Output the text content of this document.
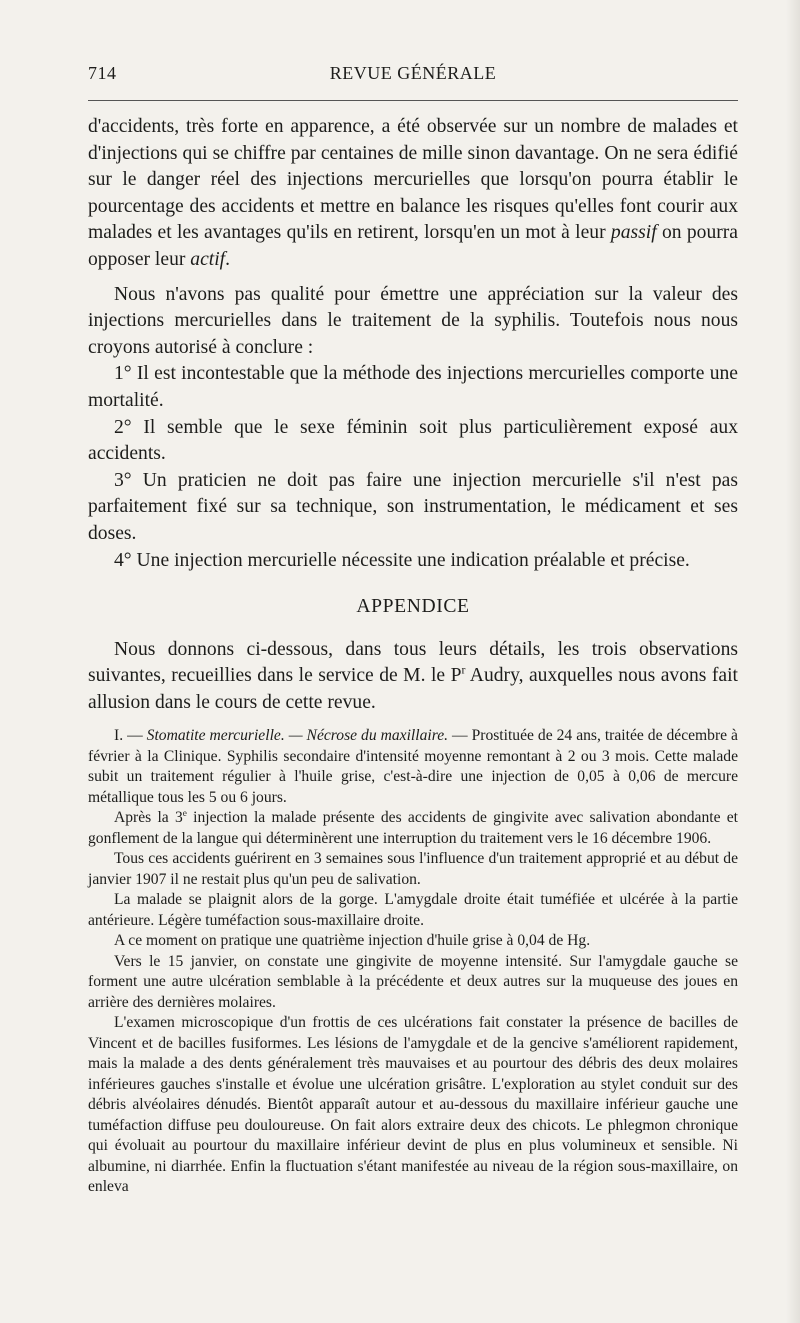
714	REVUE GÉNÉRALE

d'accidents, très forte en apparence, a été observée sur un nombre de malades et d'injections qui se chiffre par centaines de mille sinon davantage. On ne sera édifié sur le danger réel des injections mercurielles que lorsqu'on pourra établir le pourcentage des accidents et mettre en balance les risques qu'elles font courir aux malades et les avantages qu'ils en retirent, lorsqu'en un mot à leur passif on pourra opposer leur actif.

Nous n'avons pas qualité pour émettre une appréciation sur la valeur des injections mercurielles dans le traitement de la syphilis. Toutefois nous nous croyons autorisé à conclure :

1° Il est incontestable que la méthode des injections mercurielles comporte une mortalité.

2° Il semble que le sexe féminin soit plus particulièrement exposé aux accidents.

3° Un praticien ne doit pas faire une injection mercurielle s'il n'est pas parfaitement fixé sur sa technique, son instrumentation, le médicament et ses doses.

4° Une injection mercurielle nécessite une indication préalable et précise.

APPENDICE

Nous donnons ci-dessous, dans tous leurs détails, les trois observations suivantes, recueillies dans le service de M. le $P^r$ Audry, auxquelles nous avons fait allusion dans le cours de cette revue.

I. — Stomatite mercurielle. — Nécrose du maxillaire. — Prostituée de 24 ans, traitée de décembre à février à la Clinique. Syphilis secondaire d'intensité moyenne remontant à 2 ou 3 mois. Cette malade subit un traitement régulier à l'huile grise, c'est-à-dire une injection de 0,05 à 0,06 de mercure métallique tous les 5 ou 6 jours.

Après la 3e injection la malade présente des accidents de gingivite avec salivation abondante et gonflement de la langue qui déterminèrent une interruption du traitement vers le 16 décembre 1906.

Tous ces accidents guérirent en 3 semaines sous l'influence d'un traitement approprié et au début de janvier 1907 il ne restait plus qu'un peu de salivation.

La malade se plaignit alors de la gorge. L'amygdale droite était tuméfiée et ulcérée à la partie antérieure. Légère tuméfaction sous-maxillaire droite.

A ce moment on pratique une quatrième injection d'huile grise à 0,04 de Hg.

Vers le 15 janvier, on constate une gingivite de moyenne intensité. Sur l'amygdale gauche se forment une autre ulcération semblable à la précédente et deux autres sur la muqueuse des joues en arrière des dernières molaires.

L'examen microscopique d'un frottis de ces ulcérations fait constater la présence de bacilles de Vincent et de bacilles fusiformes. Les lésions de l'amygdale et de la gencive s'améliorent rapidement, mais la malade a des dents généralement très mauvaises et au pourtour des débris des deux molaires inférieures gauches s'installe et évolue une ulcération grisâtre. L'exploration au stylet conduit sur des débris alvéolaires dénudés. Bientôt apparaît autour et au-dessous du maxillaire inférieur gauche une tuméfaction diffuse peu douloureuse. On fait alors extraire deux des chicots. Le phlegmon chronique qui évoluait au pourtour du maxillaire inférieur devint de plus en plus volumineux et sensible. Ni albumine, ni diarrhée. Enfin la fluctuation s'étant manifestée au niveau de la région sous-maxillaire, on enleva
